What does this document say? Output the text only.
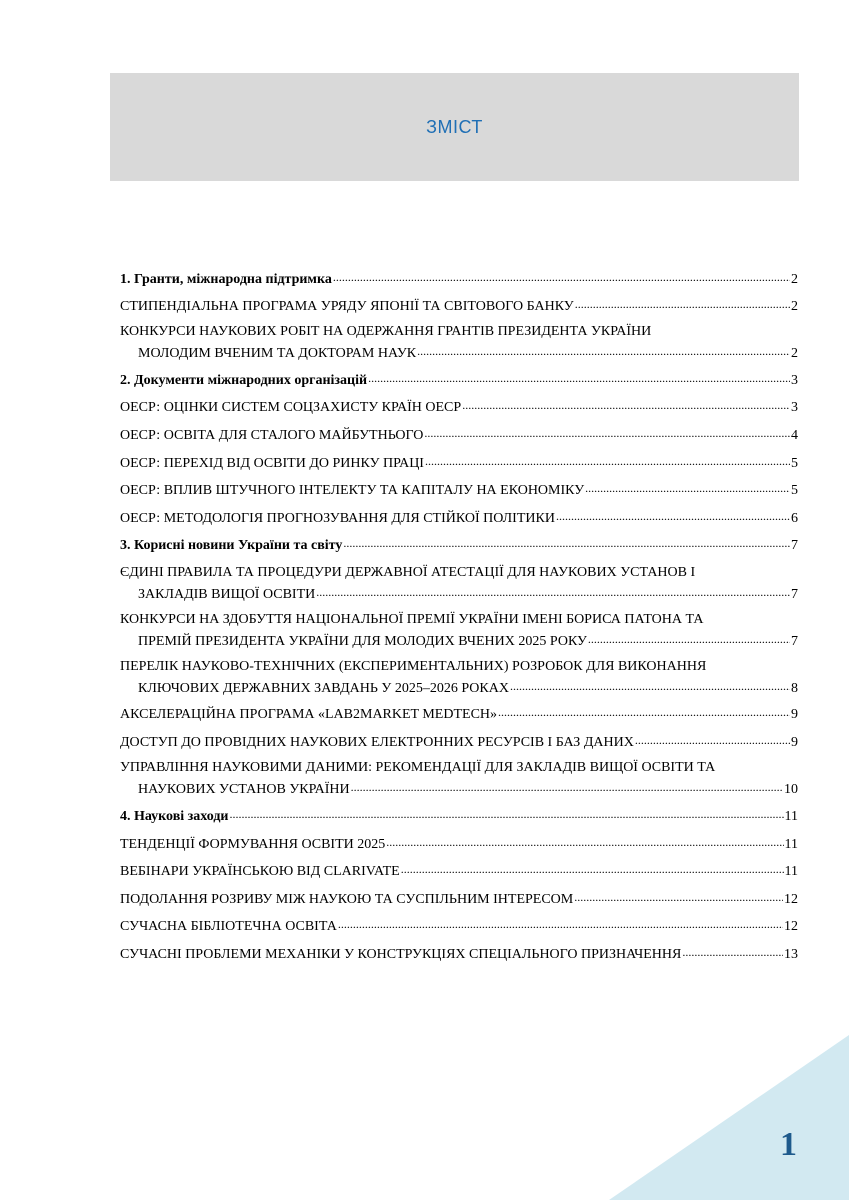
ЗМІСТ
1. Гранти, міжнародна підтримка .....	2
СТИПЕНДІАЛЬНА ПРОГРАМА УРЯДУ ЯПОНІЇ ТА СВІТОВОГО БАНКУ .....	2
КОНКУРСИ НАУКОВИХ РОБІТ НА ОДЕРЖАННЯ ГРАНТІВ ПРЕЗИДЕНТА УКРАЇНИ
МОЛОДИМ ВЧЕНИМ ТА ДОКТОРАМ НАУК .....	2
2. Документи міжнародних організацій .....	3
ОЕСР: ОЦІНКИ СИСТЕМ СОЦЗАХИСТУ КРАЇН ОЕСР .....	3
ОЕСР: ОСВІТА ДЛЯ СТАЛОГО МАЙБУТНЬОГО .....	4
ОЕСР: ПЕРЕХІД ВІД ОСВІТИ ДО РИНКУ ПРАЦІ .....	5
ОЕСР: ВПЛИВ ШТУЧНОГО ІНТЕЛЕКТУ ТА КАПІТАЛУ НА ЕКОНОМІКУ .....	5
ОЕСР: МЕТОДОЛОГІЯ ПРОГНОЗУВАННЯ ДЛЯ СТІЙКОЇ ПОЛІТИКИ .....	6
3. Корисні новини України та світу .....	7
ЄДИНІ ПРАВИЛА ТА ПРОЦЕДУРИ ДЕРЖАВНОЇ АТЕСТАЦІЇ ДЛЯ НАУКОВИХ УСТАНОВ І
ЗАКЛАДІВ ВИЩОЇ ОСВІТИ .....	7
КОНКУРСИ НА ЗДОБУТТЯ НАЦІОНАЛЬНОЇ ПРЕМІЇ УКРАЇНИ ІМЕНІ БОРИСА ПАТОНА ТА
ПРЕМІЙ ПРЕЗИДЕНТА УКРАЇНИ ДЛЯ МОЛОДИХ ВЧЕНИХ 2025 РОКУ .....	7
ПЕРЕЛІК НАУКОВО-ТЕХНІЧНИХ (ЕКСПЕРИМЕНТАЛЬНИХ) РОЗРОБОК ДЛЯ ВИКОНАННЯ
КЛЮЧОВИХ ДЕРЖАВНИХ ЗАВДАНЬ У 2025–2026 РОКАХ .....	8
АКСЕЛЕРАЦІЙНА ПРОГРАМА «LAB2MARKET MEDTECH» .....	9
ДОСТУП ДО ПРОВІДНИХ НАУКОВИХ ЕЛЕКТРОННИХ РЕСУРСІВ І БАЗ ДАНИХ .....	9
УПРАВЛІННЯ НАУКОВИМИ ДАНИМИ: РЕКОМЕНДАЦІЇ ДЛЯ ЗАКЛАДІВ ВИЩОЇ ОСВІТИ ТА
НАУКОВИХ УСТАНОВ УКРАЇНИ .....	10
4. Наукові заходи .....	11
ТЕНДЕНЦІЇ ФОРМУВАННЯ ОСВІТИ 2025 .....	11
ВЕБІНАРИ УКРАЇНСЬКОЮ ВІД CLARIVATE .....	11
ПОДОЛАННЯ РОЗРИВУ МІЖ НАУКОЮ ТА СУСПІЛЬНИМ ІНТЕРЕСОМ .....	12
СУЧАСНА БІБЛІОТЕЧНА ОСВІТА .....	12
СУЧАСНІ ПРОБЛЕМИ МЕХАНІКИ У КОНСТРУКЦІЯХ СПЕЦІАЛЬНОГО ПРИЗНАЧЕННЯ .....	13
1
